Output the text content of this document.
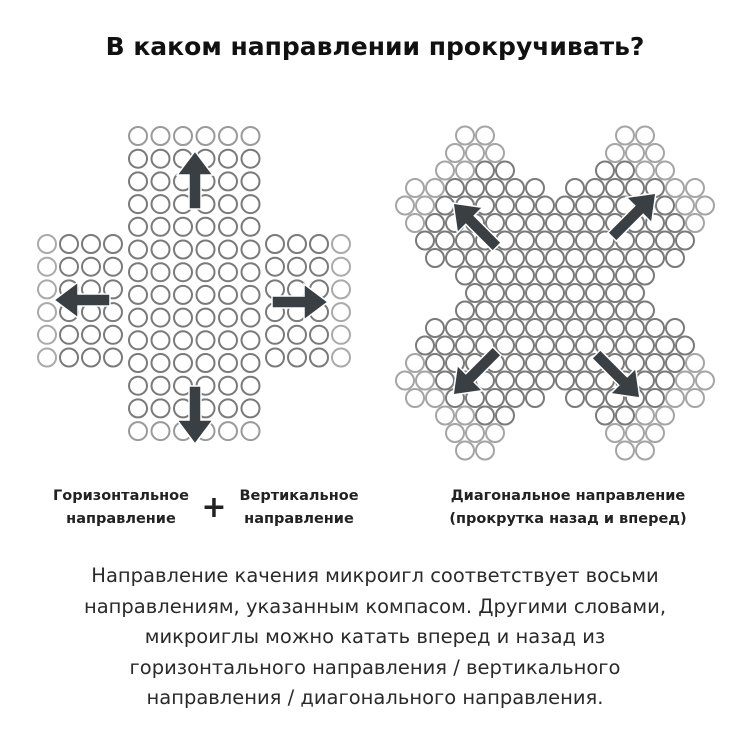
В каком направлении прокручивать?
Горизонтальное направление + Вертикальное направление
Диагональное направление
(прокрутка назад и вперед)
Направление качения микроигл соответствует восьми направлениям, указанным компасом. Другими словами, микроиглы можно катать вперед и назад из горизонтального направления / вертикального направления / диагонального направления.
